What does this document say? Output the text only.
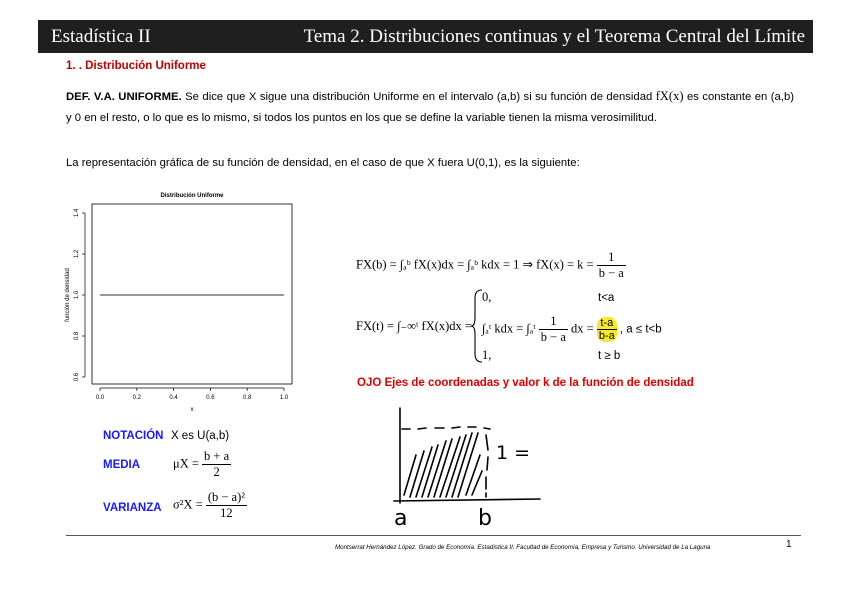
Estadística II	Tema 2. Distribuciones continuas y el Teorema Central del Límite
1. . Distribución Uniforme
DEF. V.A. UNIFORME. Se dice que X sigue una distribución Uniforme en el intervalo (a,b) si su función de densidad fX(x) es constante en (a,b) y 0 en el resto, o lo que es lo mismo, si todos los puntos en los que se define la variable tienen la misma verosimilitud.
La representación gráfica de su función de densidad, en el caso de que X fuera U(0,1), es la siguiente:
Distribución Uniforme
0.6
0.8
1.0
1.2
1.4
0.0	0.2	0.4	0.6	0.8	1.0
función de densidad
x
FX(b) = ∫ₐᵇ fX(x)dx = ∫ₐᵇ kdx = 1 ⇒ $fX(x) = k = \frac{1}{b - a}$
FX(t) = ∫₋∞ᵗ fX(x)dx =
0,	t<a
∫ₐᵗ kdx = ∫ₐᵗ $\frac{1}{b - a}$ dx = $\frac{t-a}{b-a}$ , a ≤ t<b
1,	t ≥ b
OJO Ejes de coordenadas y valor k de la función de densidad
1 =
a	b
NOTACIÓN X es U(a,b)
MEDIA	$\mu X = \frac{b + a}{2}$
VARIANZA $\sigma^2X = \frac{\text{(b − a)²}}{12}$
Montserrat Hernández López. Grado de Economía. Estadística II. Facultad de Economía, Empresa y Turismo. Universidad de La Laguna	1
